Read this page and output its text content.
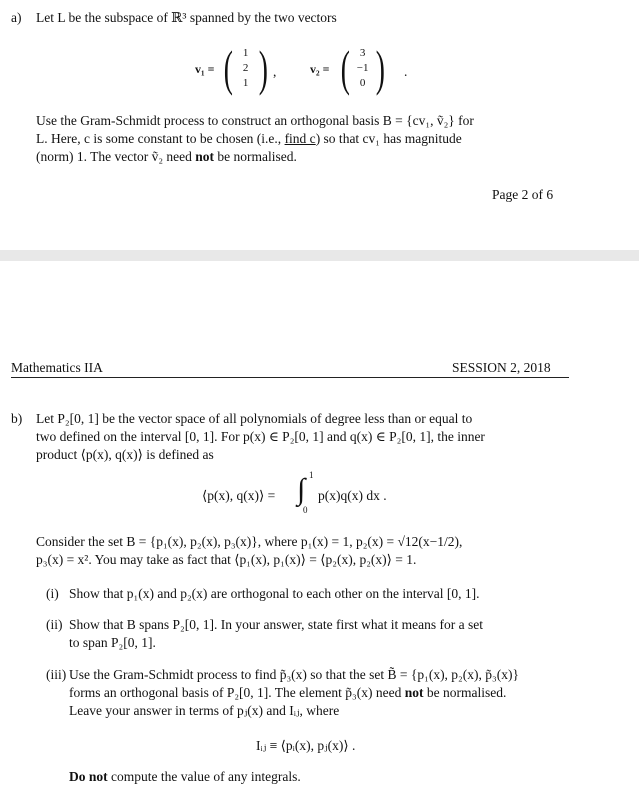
a) Let L be the subspace of ℝ³ spanned by the two vectors
v₁ = ( 1
2
1 ) ,	v₂ = ( 3
−1
0 ) .
Use the Gram-Schmidt process to construct an orthogonal basis B = {cv₁, ṽ₂} for
L. Here, c is some constant to be chosen (i.e., find c) so that cv₁ has magnitude
(norm) 1. The vector ṽ₂ need not be normalised.
Page 2 of 6
Mathematics IIA	SESSION 2, 2018
b) Let P₂[0, 1] be the vector space of all polynomials of degree less than or equal to
two defined on the interval [0, 1]. For p(x) ∈ P₂[0, 1] and q(x) ∈ P₂[0, 1], the inner
product ⟨p(x), q(x)⟩ is defined as
⟨p(x), q(x)⟩ = ∫ 1
0
p(x)q(x) dx .
Consider the set B = {p₁(x), p₂(x), p₃(x)}, where p₁(x) = 1, p₂(x) = √12(x−1/2),
p₃(x) = x². You may take as fact that ⟨p₁(x), p₁(x)⟩ = ⟨p₂(x), p₂(x)⟩ = 1.
(i) Show that p₁(x) and p₂(x) are orthogonal to each other on the interval [0, 1].
(ii) Show that B spans P₂[0, 1]. In your answer, state first what it means for a set
to span P₂[0, 1].
(iii) Use the Gram-Schmidt process to find p̃₃(x) so that the set B̃ = {p₁(x), p₂(x), p̃₃(x)}
forms an orthogonal basis of P₂[0, 1]. The element p̃₃(x) need not be normalised.
Leave your answer in terms of pⱼ(x) and Iᵢⱼ, where
Iᵢⱼ ≡ ⟨pᵢ(x), pⱼ(x)⟩ .
Do not compute the value of any integrals.
